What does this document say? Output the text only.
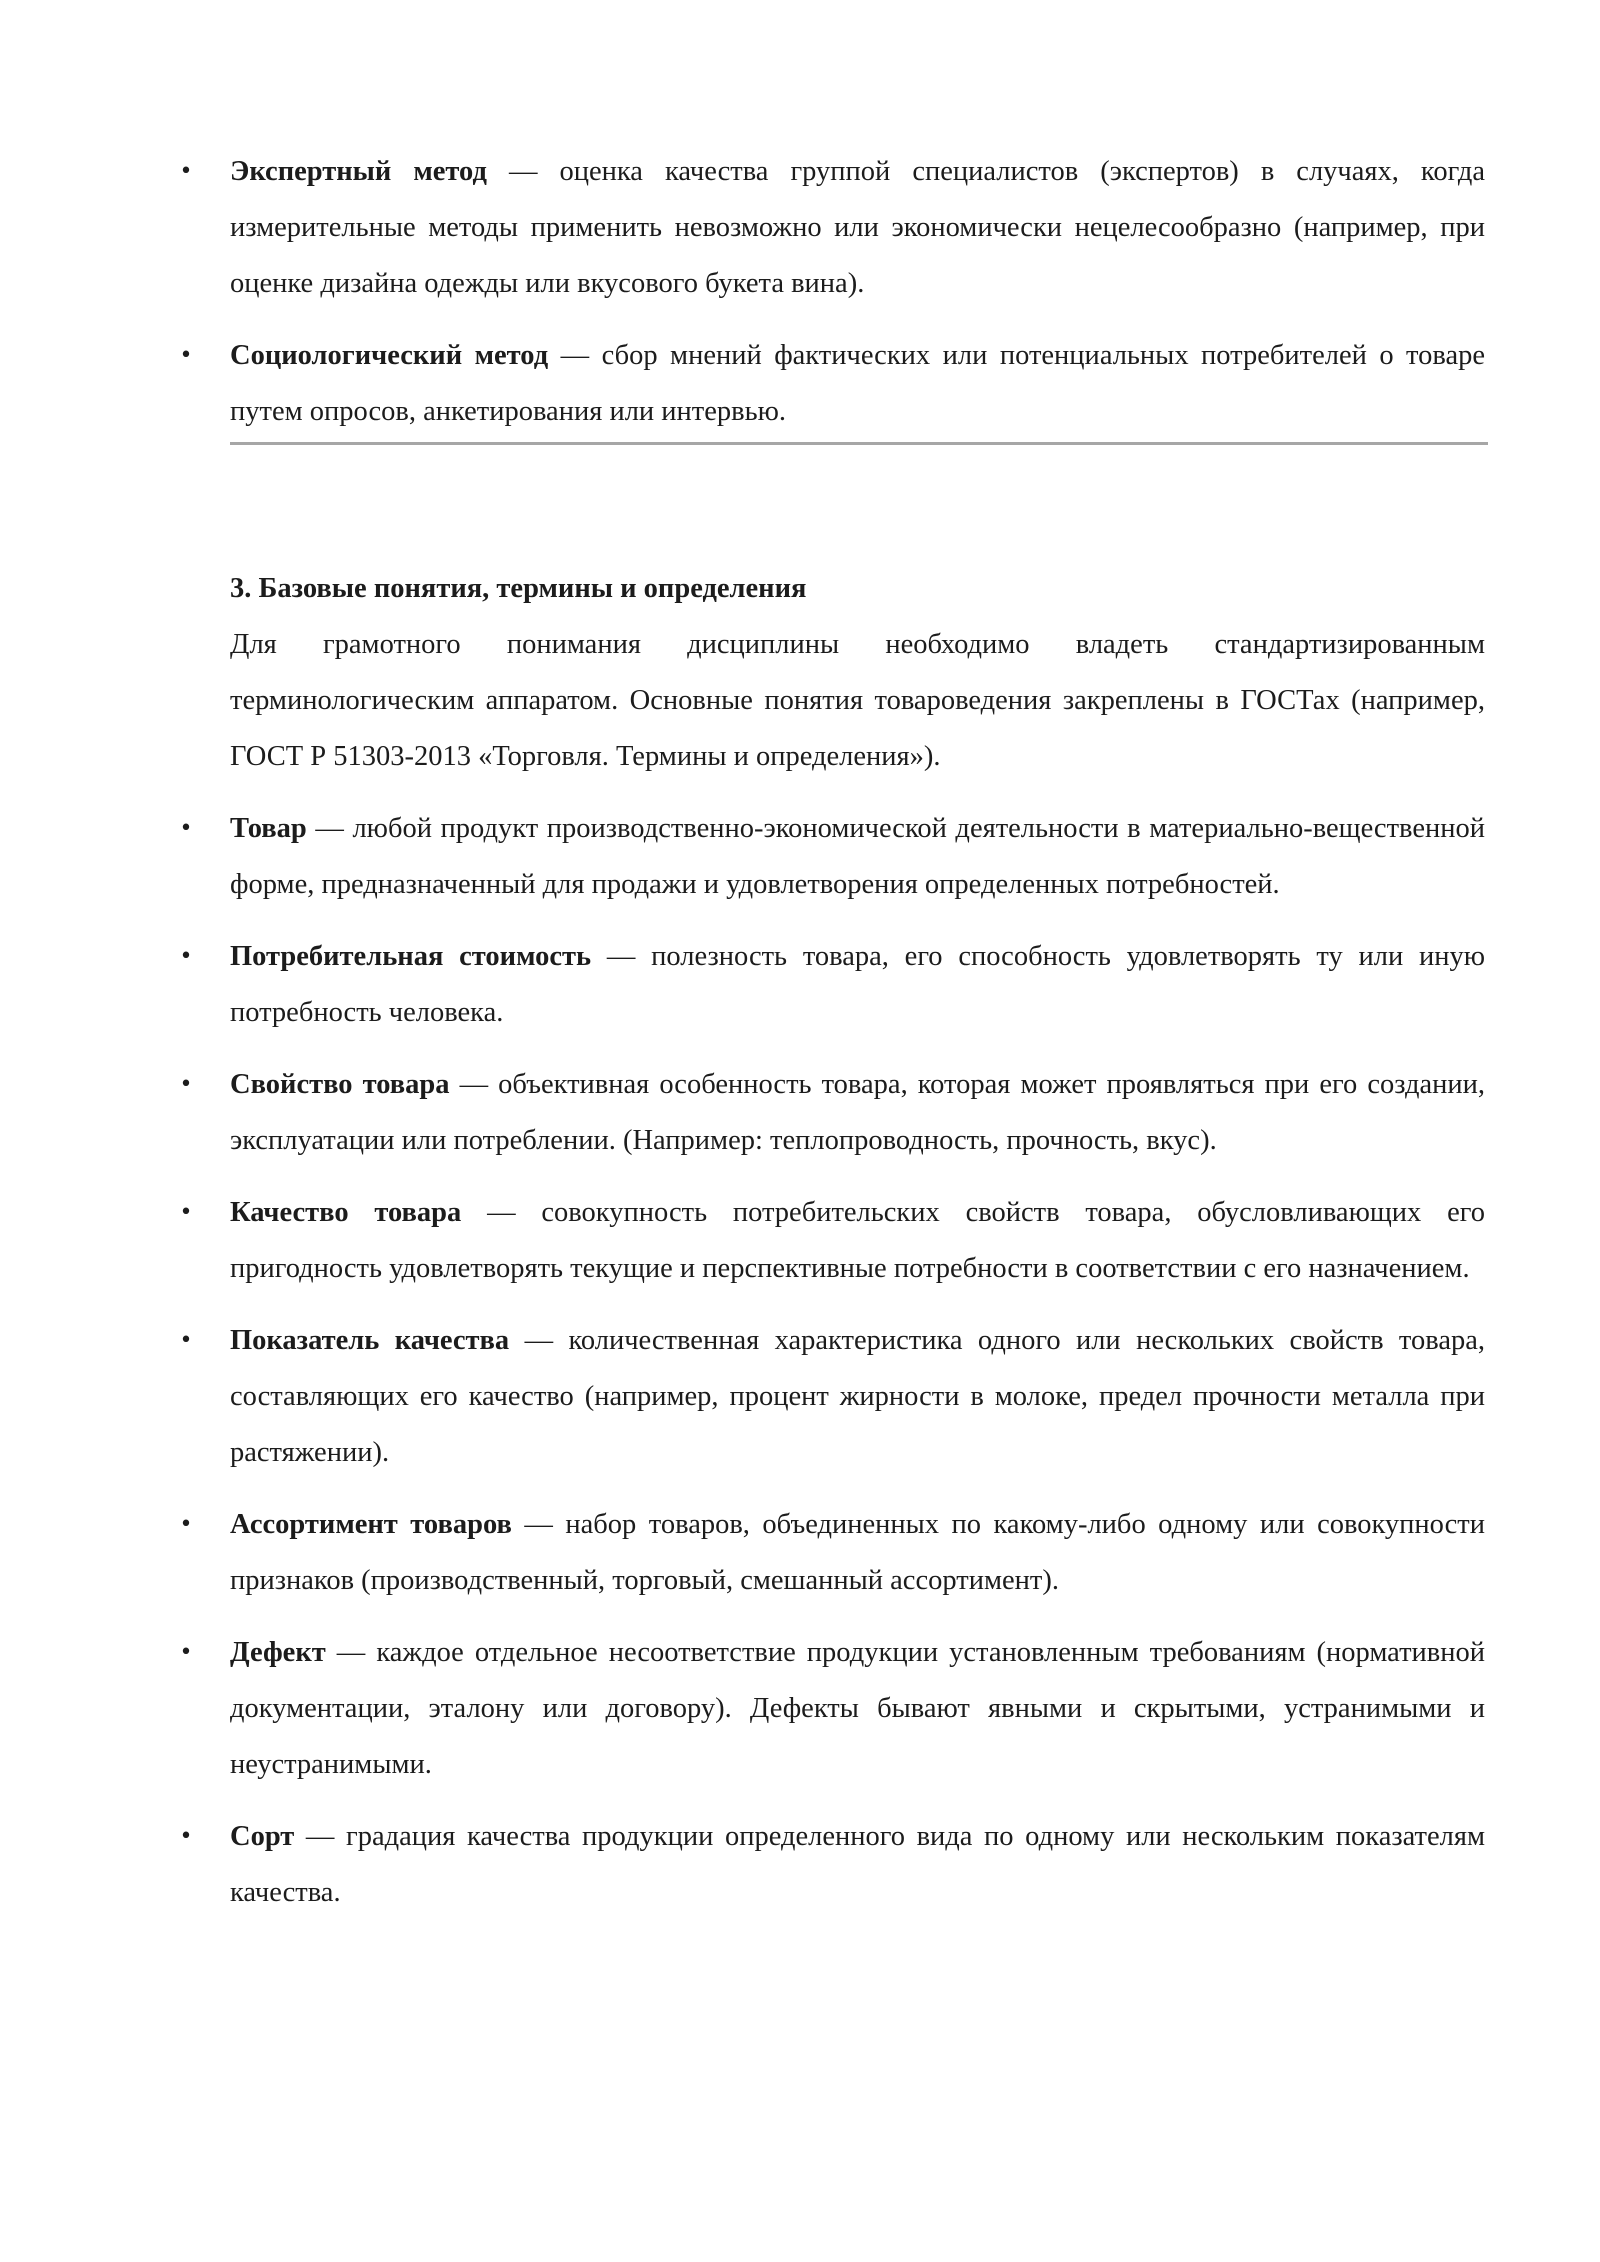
• Экспертный метод — оценка качества группой специалистов (экспертов) в случаях, когда измерительные методы применить невозможно или экономически нецелесообразно (например, при оценке дизайна одежды или вкусового букета вина).
• Социологический метод — сбор мнений фактических или потенциальных потребителей о товаре путем опросов, анкетирования или интервью.

3. Базовые понятия, термины и определения

Для грамотного понимания дисциплины необходимо владеть стандартизированным терминологическим аппаратом. Основные понятия товароведения закреплены в ГОСТах (например, ГОСТ Р 51303-2013 «Торговля. Термины и определения»).

• Товар — любой продукт производственно-экономической деятельности в материально-вещественной форме, предназначенный для продажи и удовлетворения определенных потребностей.
• Потребительная стоимость — полезность товара, его способность удовлетворять ту или иную потребность человека.
• Свойство товара — объективная особенность товара, которая может проявляться при его создании, эксплуатации или потреблении. (Например: теплопроводность, прочность, вкус).
• Качество товара — совокупность потребительских свойств товара, обусловливающих его пригодность удовлетворять текущие и перспективные потребности в соответствии с его назначением.
• Показатель качества — количественная характеристика одного или нескольких свойств товара, составляющих его качество (например, процент жирности в молоке, предел прочности металла при растяжении).
• Ассортимент товаров — набор товаров, объединенных по какому-либо одному или совокупности признаков (производственный, торговый, смешанный ассортимент).
• Дефект — каждое отдельное несоответствие продукции установленным требованиям (нормативной документации, эталону или договору). Дефекты бывают явными и скрытыми, устранимыми и неустранимыми.
• Сорт — градация качества продукции определенного вида по одному или нескольким показателям качества.
